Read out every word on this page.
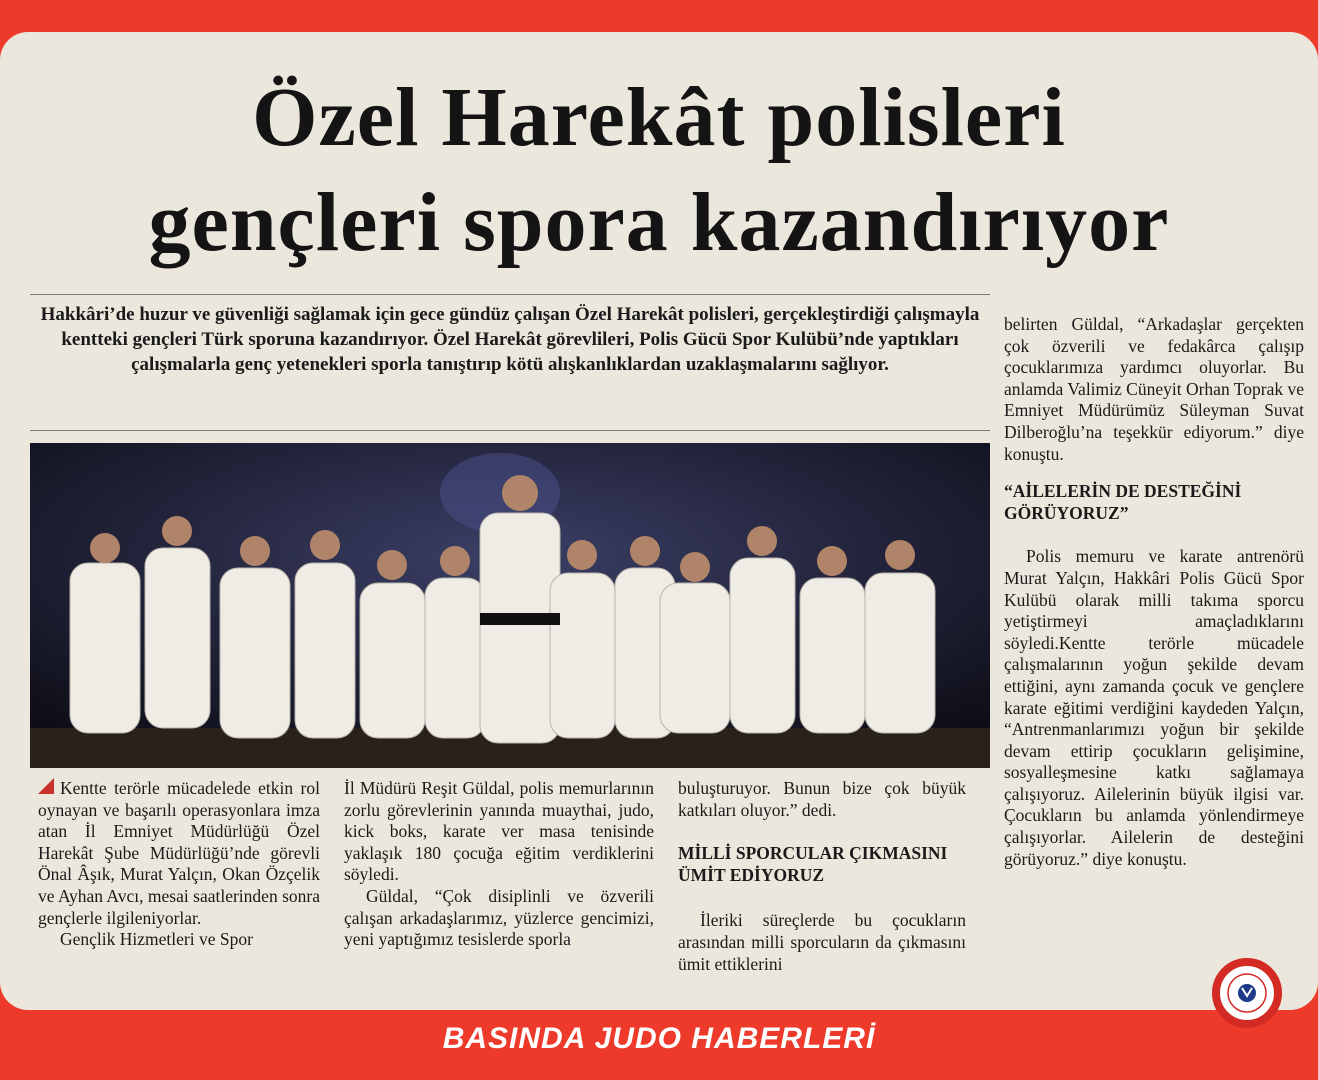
Özel Harekât polisleri
gençleri spora kazandırıyor
Hakkâri’de huzur ve güvenliği sağlamak için gece gündüz çalışan Özel Harekât polisleri, gerçekleştirdiği çalışmayla kentteki gençleri Türk sporuna kazandırıyor. Özel Harekât görevlileri, Polis Gücü Spor Kulübü’nde yaptıkları çalışmalarla genç yetenekleri sporla tanıştırıp kötü alışkanlıklardan uzaklaşmalarını sağlıyor.

Kentte terörle mücadelede etkin rol oynayan ve başarılı operasyonlara imza atan İl Emniyet Müdürlüğü Özel Harekât Şube Müdürlüğü’nde görevli Önal Âşık, Murat Yalçın, Okan Özçelik ve Ayhan Avcı, mesai saatlerinden sonra gençlerle ilgileniyorlar.

Gençlik Hizmetleri ve Spor

İl Müdürü Reşit Güldal, polis memurlarının zorlu görevlerinin yanında muaythai, judo, kick boks, karate ver masa tenisinde yaklaşık 180 çocuğa eğitim verdiklerini söyledi.

Güldal, “Çok disiplinli ve özverili çalışan arkadaşlarımız, yüzlerce gencimizi, yeni yaptığımız tesislerde sporla

buluşturuyor. Bunun bize çok büyük katkıları oluyor.” dedi.

MİLLİ SPORCULAR ÇIKMASINI ÜMİT EDİYORUZ

İleriki süreçlerde bu çocukların arasından milli sporcuların da çıkmasını ümit ettiklerini

belirten Güldal, “Arkadaşlar gerçekten çok özverili ve fedakârca çalışıp çocuklarımıza yardımcı oluyorlar. Bu anlamda Valimiz Cüneyit Orhan Toprak ve Emniyet Müdürümüz Süleyman Suvat Dilberoğlu’na teşekkür ediyorum.” diye konuştu.

“AİLELERİN DE DESTEĞİNİ GÖRÜYORUZ”

Polis memuru ve karate antrenörü Murat Yalçın, Hakkâri Polis Gücü Spor Kulübü olarak milli takıma sporcu yetiştirmeyi amaçladıklarını söyledi.Kentte terörle mücadele çalışmalarının yoğun şekilde devam ettiğini, aynı zamanda çocuk ve gençlere karate eğitimi verdiğini kaydeden Yalçın, “Antrenmanlarımızı yoğun bir şekilde devam ettirip çocukların gelişimine, sosyalleşmesine katkı sağlamaya çalışıyoruz. Ailelerinin büyük ilgisi var. Çocukların bu anlamda yönlendirmeye çalışıyorlar. Ailelerin de desteğini görüyoruz.” diye konuştu.

BASINDA JUDO HABERLERİ
